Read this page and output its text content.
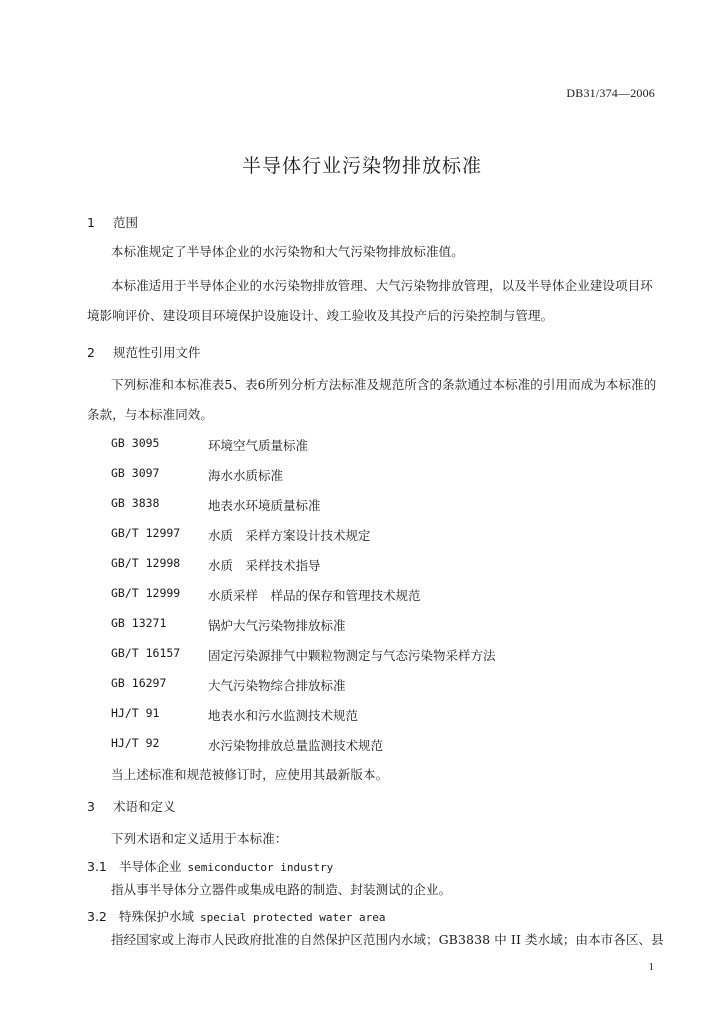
DB31/374—2006
半导体行业污染物排放标准
1 范围
本标准规定了半导体企业的水污染物和大气污染物排放标准值。
本标准适用于半导体企业的水污染物排放管理、大气污染物排放管理，以及半导体企业建设项目环
境影响评价、建设项目环境保护设施设计、竣工验收及其投产后的污染控制与管理。
2 规范性引用文件
下列标准和本标准表5、表6所列分析方法标准及规范所含的条款通过本标准的引用而成为本标准的
条款，与本标准同效。
GB 3095	环境空气质量标准
GB 3097	海水水质标准
GB 3838	地表水环境质量标准
GB/T 12997 水质　采样方案设计技术规定
GB/T 12998 水质　采样技术指导
GB/T 12999 水质采样　样品的保存和管理技术规范
GB 13271	锅炉大气污染物排放标准
GB/T 16157 固定污染源排气中颗粒物测定与气态污染物采样方法
GB 16297	大气污染物综合排放标准
HJ/T 91	地表水和污水监测技术规范
HJ/T 92	水污染物排放总量监测技术规范
当上述标准和规范被修订时，应使用其最新版本。
3 术语和定义
下列术语和定义适用于本标准：
3.1 半导体企业 semiconductor industry
指从事半导体分立器件或集成电路的制造、封装测试的企业。
3.2 特殊保护水域 special protected water area
指经国家或上海市人民政府批准的自然保护区范围内水域；GB3838 中 II 类水域；由本市各区、县
1
